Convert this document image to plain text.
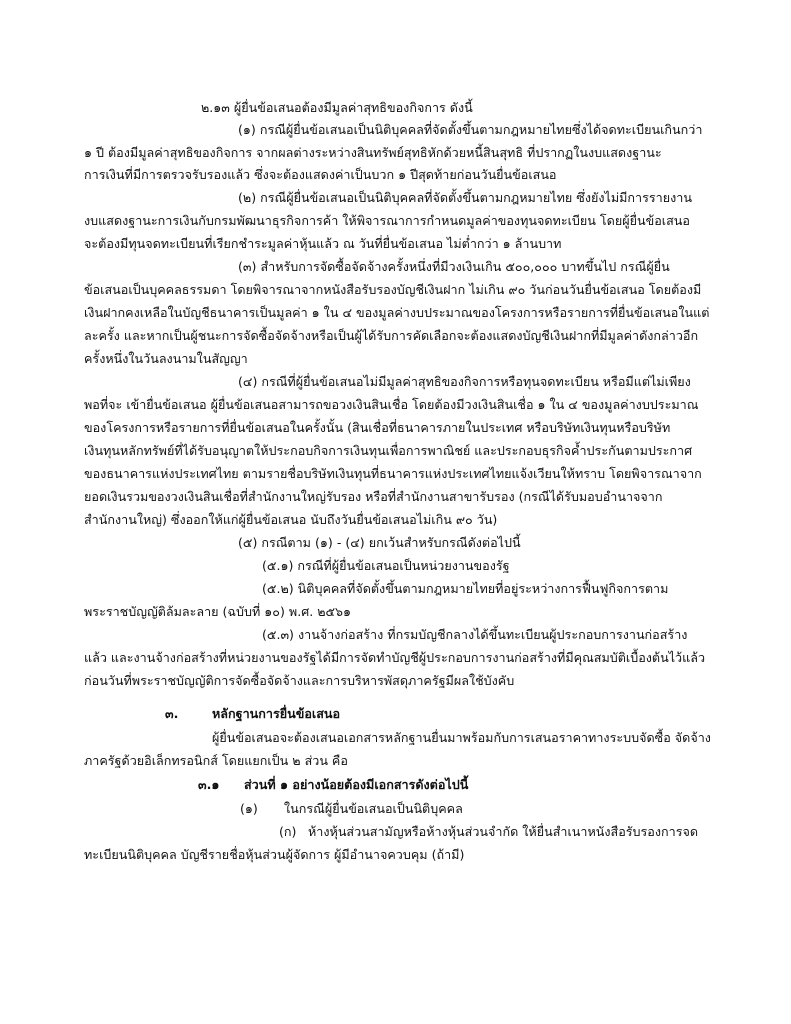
๒.๑๓ ผู้ยื่นข้อเสนอต้องมีมูลค่าสุทธิของกิจการ ดังนี้
(๑) กรณีผู้ยื่นข้อเสนอเป็นนิติบุคคลที่จัดตั้งขึ้นตามกฎหมายไทยซึ่งได้จดทะเบียนเกินกว่า
๑ ปี ต้องมีมูลค่าสุทธิของกิจการ จากผลต่างระหว่างสินทรัพย์สุทธิหักด้วยหนี้สินสุทธิ ที่ปรากฏในงบแสดงฐานะ
การเงินที่มีการตรวจรับรองแล้ว ซึ่งจะต้องแสดงค่าเป็นบวก ๑ ปีสุดท้ายก่อนวันยื่นข้อเสนอ
(๒) กรณีผู้ยื่นข้อเสนอเป็นนิติบุคคลที่จัดตั้งขึ้นตามกฎหมายไทย ซึ่งยังไม่มีการรายงาน
งบแสดงฐานะการเงินกับกรมพัฒนาธุรกิจการค้า ให้พิจารณาการกำหนดมูลค่าของทุนจดทะเบียน โดยผู้ยื่นข้อเสนอ
จะต้องมีทุนจดทะเบียนที่เรียกชำระมูลค่าหุ้นแล้ว ณ วันที่ยื่นข้อเสนอ ไม่ต่ำกว่า ๑ ล้านบาท
(๓) สำหรับการจัดซื้อจัดจ้างครั้งหนึ่งที่มีวงเงินเกิน ๕๐๐,๐๐๐ บาทขึ้นไป กรณีผู้ยื่น
ข้อเสนอเป็นบุคคลธรรมดา โดยพิจารณาจากหนังสือรับรองบัญชีเงินฝาก ไม่เกิน ๙๐ วันก่อนวันยื่นข้อเสนอ โดยต้องมี
เงินฝากคงเหลือในบัญชีธนาคารเป็นมูลค่า ๑ ใน ๔ ของมูลค่างบประมาณของโครงการหรือรายการที่ยื่นข้อเสนอในแต่
ละครั้ง และหากเป็นผู้ชนะการจัดซื้อจัดจ้างหรือเป็นผู้ได้รับการคัดเลือกจะต้องแสดงบัญชีเงินฝากที่มีมูลค่าดังกล่าวอีก
ครั้งหนึ่งในวันลงนามในสัญญา
(๔) กรณีที่ผู้ยื่นข้อเสนอไม่มีมูลค่าสุทธิของกิจการหรือทุนจดทะเบียน หรือมีแต่ไม่เพียง
พอที่จะ เข้ายื่นข้อเสนอ ผู้ยื่นข้อเสนอสามารถขอวงเงินสินเชื่อ โดยต้องมีวงเงินสินเชื่อ ๑ ใน ๔ ของมูลค่างบประมาณ
ของโครงการหรือรายการที่ยื่นข้อเสนอในครั้งนั้น (สินเชื่อที่ธนาคารภายในประเทศ หรือบริษัทเงินทุนหรือบริษัท
เงินทุนหลักทรัพย์ที่ได้รับอนุญาตให้ประกอบกิจการเงินทุนเพื่อการพาณิชย์ และประกอบธุรกิจค้ำประกันตามประกาศ
ของธนาคารแห่งประเทศไทย ตามรายชื่อบริษัทเงินทุนที่ธนาคารแห่งประเทศไทยแจ้งเวียนให้ทราบ โดยพิจารณาจาก
ยอดเงินรวมของวงเงินสินเชื่อที่สำนักงานใหญ่รับรอง หรือที่สำนักงานสาขารับรอง (กรณีได้รับมอบอำนาจจาก
สำนักงานใหญ่) ซึ่งออกให้แก่ผู้ยื่นข้อเสนอ นับถึงวันยื่นข้อเสนอไม่เกิน ๙๐ วัน)
(๕) กรณีตาม (๑) - (๔) ยกเว้นสำหรับกรณีดังต่อไปนี้
(๕.๑) กรณีที่ผู้ยื่นข้อเสนอเป็นหน่วยงานของรัฐ
(๕.๒) นิติบุคคลที่จัดตั้งขึ้นตามกฎหมายไทยที่อยู่ระหว่างการฟื้นฟูกิจการตาม
พระราชบัญญัติล้มละลาย (ฉบับที่ ๑๐) พ.ศ. ๒๕๖๑
(๕.๓) งานจ้างก่อสร้าง ที่กรมบัญชีกลางได้ขึ้นทะเบียนผู้ประกอบการงานก่อสร้าง
แล้ว และงานจ้างก่อสร้างที่หน่วยงานของรัฐได้มีการจัดทำบัญชีผู้ประกอบการงานก่อสร้างที่มีคุณสมบัติเบื้องต้นไว้แล้ว
ก่อนวันที่พระราชบัญญัติการจัดซื้อจัดจ้างและการบริหารพัสดุภาครัฐมีผลใช้บังคับ
๓.	หลักฐานการยื่นข้อเสนอ
ผู้ยื่นข้อเสนอจะต้องเสนอเอกสารหลักฐานยื่นมาพร้อมกับการเสนอราคาทางระบบจัดซื้อ จัดจ้าง
ภาครัฐด้วยอิเล็กทรอนิกส์ โดยแยกเป็น ๒ ส่วน คือ
๓.๑ ส่วนที่ ๑ อย่างน้อยต้องมีเอกสารดังต่อไปนี้
(๑) ในกรณีผู้ยื่นข้อเสนอเป็นนิติบุคคล
(ก) ห้างหุ้นส่วนสามัญหรือห้างหุ้นส่วนจำกัด ให้ยื่นสำเนาหนังสือรับรองการจด
ทะเบียนนิติบุคคล บัญชีรายชื่อหุ้นส่วนผู้จัดการ ผู้มีอำนาจควบคุม (ถ้ามี)
